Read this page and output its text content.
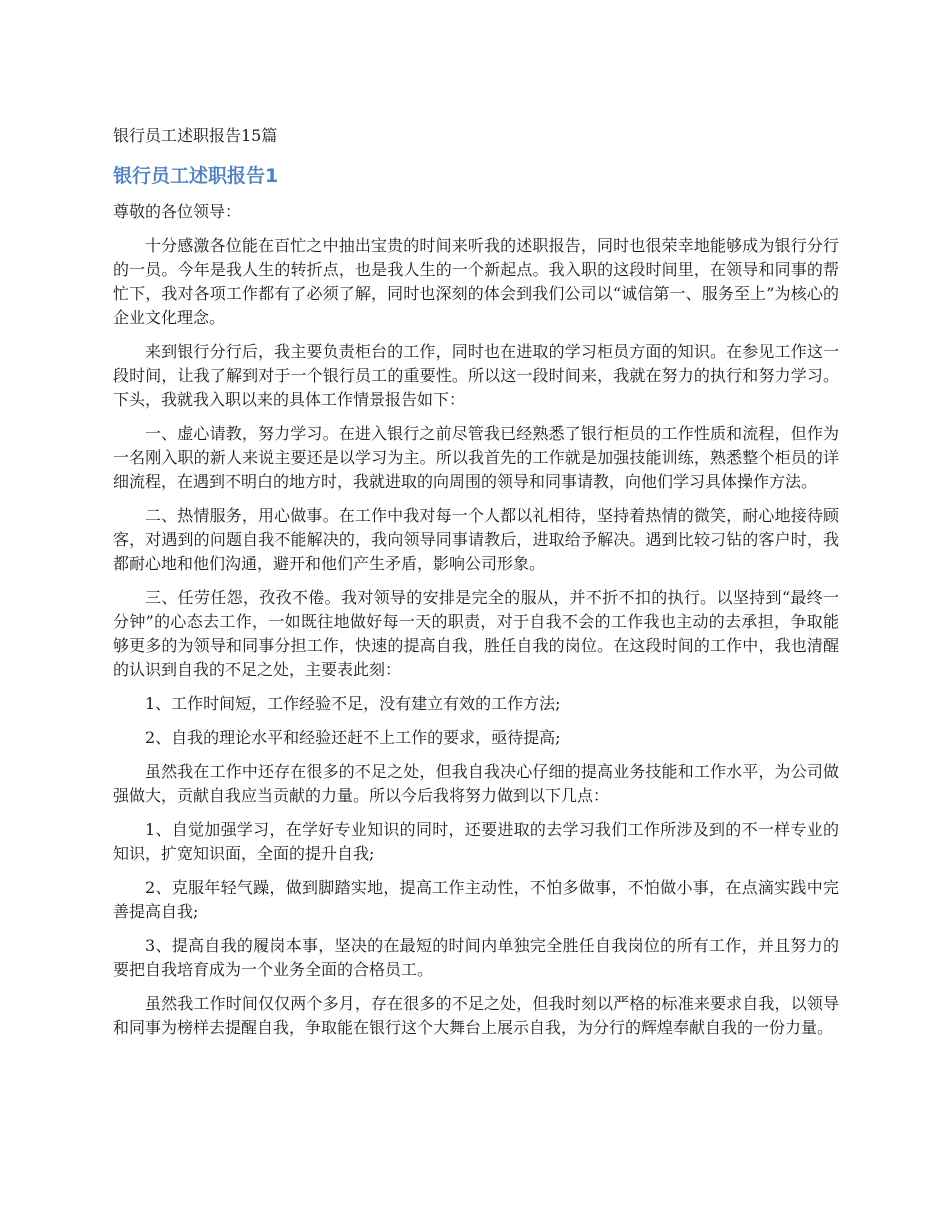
银行员工述职报告15篇

银行员工述职报告1

尊敬的各位领导：

十分感激各位能在百忙之中抽出宝贵的时间来听我的述职报告，同时也很荣幸地能够成为银行分行的一员。今年是我人生的转折点，也是我人生的一个新起点。我入职的这段时间里，在领导和同事的帮忙下，我对各项工作都有了必须了解，同时也深刻的体会到我们公司以“诚信第一、服务至上”为核心的企业文化理念。

来到银行分行后，我主要负责柜台的工作，同时也在进取的学习柜员方面的知识。在参见工作这一段时间，让我了解到对于一个银行员工的重要性。所以这一段时间来，我就在努力的执行和努力学习。下头，我就我入职以来的具体工作情景报告如下：

一、虚心请教，努力学习。在进入银行之前尽管我已经熟悉了银行柜员的工作性质和流程，但作为一名刚入职的新人来说主要还是以学习为主。所以我首先的工作就是加强技能训练，熟悉整个柜员的详细流程，在遇到不明白的地方时，我就进取的向周围的领导和同事请教，向他们学习具体操作方法。

二、热情服务，用心做事。在工作中我对每一个人都以礼相待，坚持着热情的微笑，耐心地接待顾客，对遇到的问题自我不能解决的，我向领导同事请教后，进取给予解决。遇到比较刁钻的客户时，我都耐心地和他们沟通，避开和他们产生矛盾，影响公司形象。

三、任劳任怨，孜孜不倦。我对领导的安排是完全的服从，并不折不扣的执行。以坚持到“最终一分钟”的心态去工作，一如既往地做好每一天的职责，对于自我不会的工作我也主动的去承担，争取能够更多的为领导和同事分担工作，快速的提高自我，胜任自我的岗位。在这段时间的工作中，我也清醒的认识到自我的不足之处，主要表此刻：

1、工作时间短，工作经验不足，没有建立有效的工作方法;

2、自我的理论水平和经验还赶不上工作的要求，亟待提高;

虽然我在工作中还存在很多的不足之处，但我自我决心仔细的提高业务技能和工作水平，为公司做强做大，贡献自我应当贡献的力量。所以今后我将努力做到以下几点：

1、自觉加强学习，在学好专业知识的同时，还要进取的去学习我们工作所涉及到的不一样专业的知识，扩宽知识面，全面的提升自我;

2、克服年轻气躁，做到脚踏实地，提高工作主动性，不怕多做事，不怕做小事，在点滴实践中完善提高自我;

3、提高自我的履岗本事，坚决的在最短的时间内单独完全胜任自我岗位的所有工作，并且努力的要把自我培育成为一个业务全面的合格员工。

虽然我工作时间仅仅两个多月，存在很多的不足之处，但我时刻以严格的标准来要求自我，以领导和同事为榜样去提醒自我，争取能在银行这个大舞台上展示自我，为分行的辉煌奉献自我的一份力量。
